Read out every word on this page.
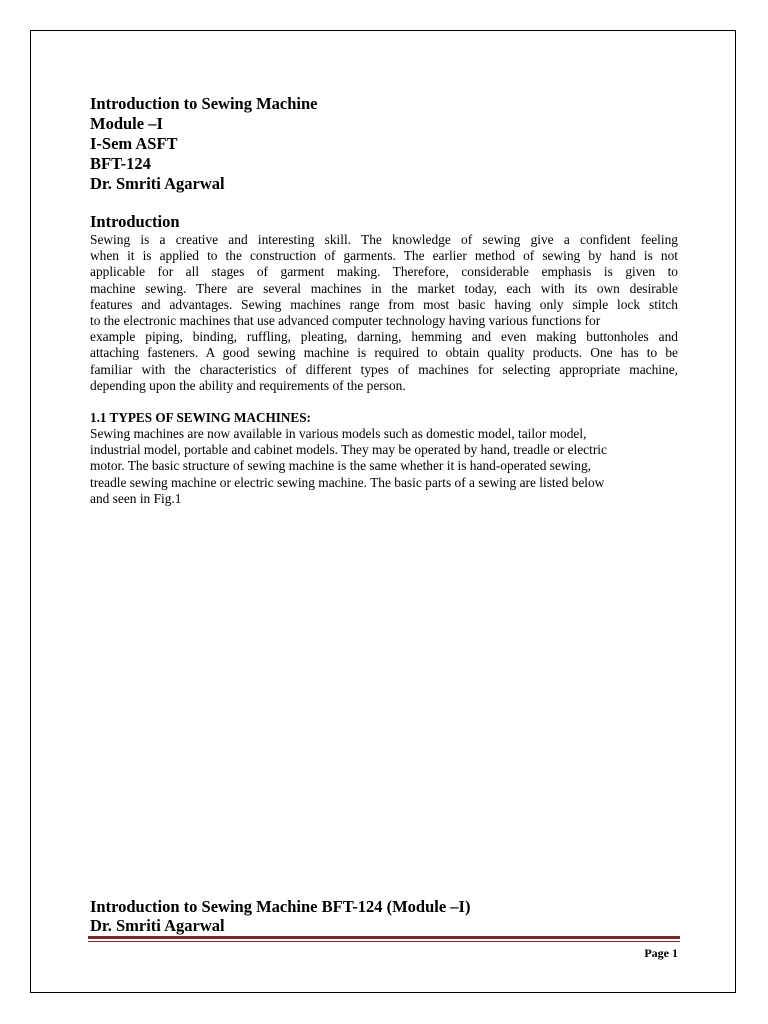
Introduction to Sewing Machine
Module –I
I-Sem ASFT
BFT-124
Dr. Smriti Agarwal
Introduction

Sewing is a creative and interesting skill. The knowledge of sewing give a confident feeling
when it is applied to the construction of garments. The earlier method of sewing by hand is not
applicable for all stages of garment making. Therefore, considerable emphasis is given to
machine sewing. There are several machines in the market today, each with its own desirable
features and advantages. Sewing machines range from most basic having only simple lock stitch
to the electronic machines that use advanced computer technology having various functions for
example piping, binding, ruffling, pleating, darning, hemming and even making buttonholes and
attaching fasteners. A good sewing machine is required to obtain quality products. One has to be
familiar with the characteristics of different types of machines for selecting appropriate machine,
depending upon the ability and requirements of the person.

1.1 TYPES OF SEWING MACHINES:

Sewing machines are now available in various models such as domestic model, tailor model,
industrial model, portable and cabinet models. They may be operated by hand, treadle or electric
motor. The basic structure of sewing machine is the same whether it is hand-operated sewing,
treadle sewing machine or electric sewing machine. The basic parts of a sewing are listed below
and seen in Fig.1

Introduction to Sewing Machine BFT-124 (Module –I)
Dr. Smriti Agarwal
Page 1
